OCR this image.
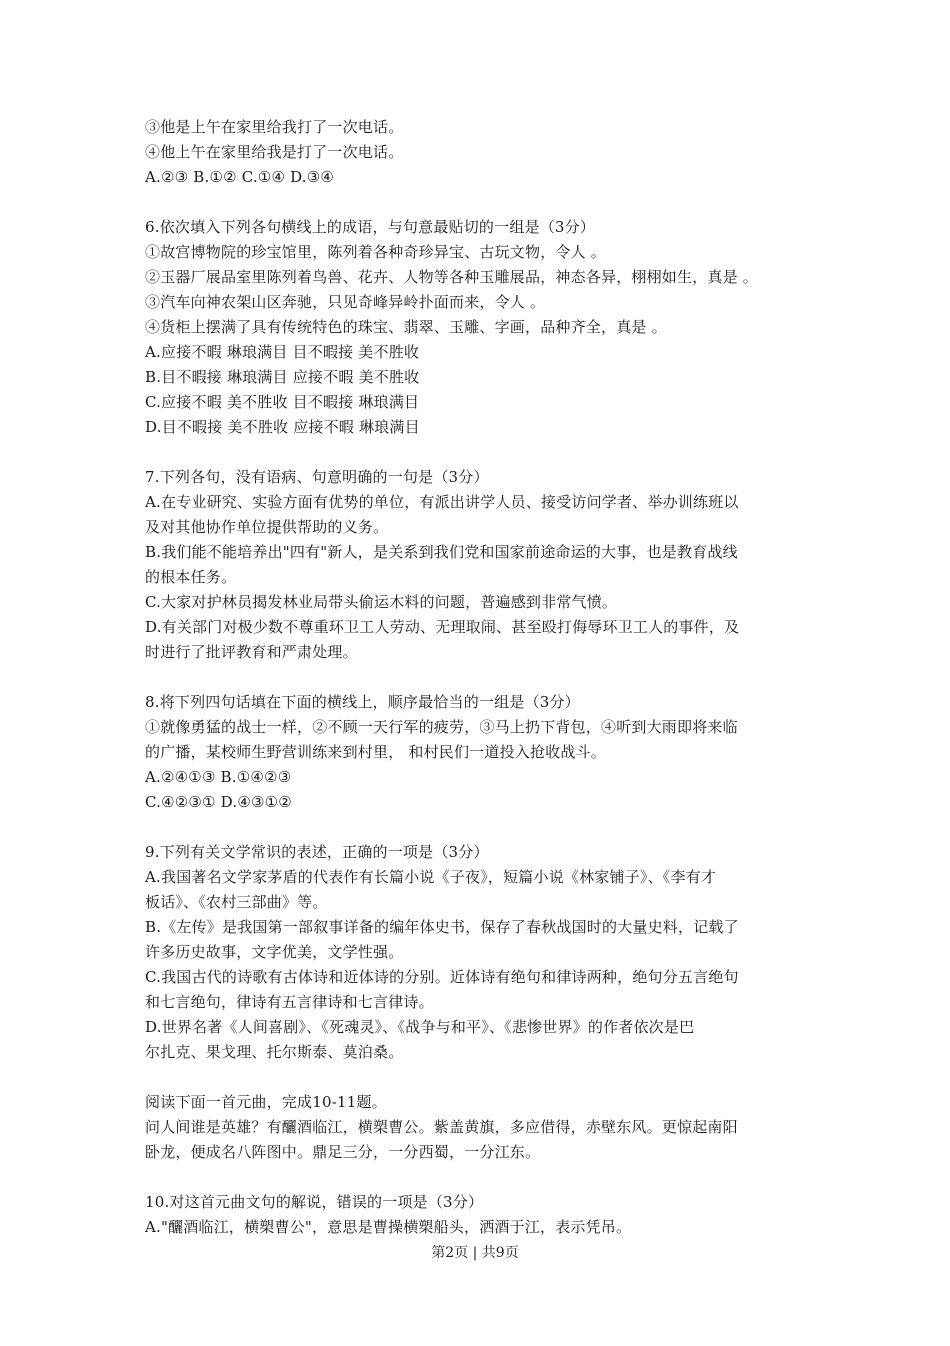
③他是上午在家里给我打了一次电话。
④他上午在家里给我是打了一次电话。
A.②③ B.①② C.①④ D.③④
6.依次填入下列各句横线上的成语，与句意最贴切的一组是（3分）
①故宫博物院的珍宝馆里，陈列着各种奇珍异宝、古玩文物，令人 。
②玉器厂展品室里陈列着鸟兽、花卉、人物等各种玉雕展品，神态各异，栩栩如生，真是 。
③汽车向神农架山区奔驰，只见奇峰异岭扑面而来，令人 。
④货柜上摆满了具有传统特色的珠宝、翡翠、玉雕、字画，品种齐全，真是 。
A.应接不暇 琳琅满目 目不暇接 美不胜收
B.目不暇接 琳琅满目 应接不暇 美不胜收
C.应接不暇 美不胜收 目不暇接 琳琅满目
D.目不暇接 美不胜收 应接不暇 琳琅满目
7.下列各句，没有语病、句意明确的一句是（3分）
A.在专业研究、实验方面有优势的单位，有派出讲学人员、接受访问学者、举办训练班以
及对其他协作单位提供帮助的义务。
B.我们能不能培养出"四有"新人，是关系到我们党和国家前途命运的大事，也是教育战线
的根本任务。
C.大家对护林员揭发林业局带头偷运木料的问题，普遍感到非常气愤。
D.有关部门对极少数不尊重环卫工人劳动、无理取闹、甚至殴打侮辱环卫工人的事件，及
时进行了批评教育和严肃处理。
8.将下列四句话填在下面的横线上，顺序最恰当的一组是（3分）
①就像勇猛的战士一样，②不顾一天行军的疲劳，③马上扔下背包，④听到大雨即将来临
的广播，某校师生野营训练来到村里， 和村民们一道投入抢收战斗。
A.②④①③ B.①④②③
C.④②③① D.④③①②
9.下列有关文学常识的表述，正确的一项是（3分）
A.我国著名文学家茅盾的代表作有长篇小说《子夜》，短篇小说《林家铺子》、《李有才
板话》、《农村三部曲》等。
B.《左传》是我国第一部叙事详备的编年体史书，保存了春秋战国时的大量史料，记载了
许多历史故事，文字优美，文学性强。
C.我国古代的诗歌有古体诗和近体诗的分别。近体诗有绝句和律诗两种，绝句分五言绝句
和七言绝句，律诗有五言律诗和七言律诗。
D.世界名著《人间喜剧》、《死魂灵》、《战争与和平》、《悲惨世界》的作者依次是巴
尔扎克、果戈理、托尔斯泰、莫泊桑。
阅读下面一首元曲，完成10-11题。
问人间谁是英雄？有釃酒临江，横槊曹公。紫盖黄旗，多应借得，赤壁东风。更惊起南阳
卧龙，便成名八阵图中。鼎足三分，一分西蜀，一分江东。
10.对这首元曲文句的解说，错误的一项是（3分）
A."釃酒临江，横槊曹公"，意思是曹操横槊船头，洒酒于江，表示凭吊。
第2页 | 共9页
